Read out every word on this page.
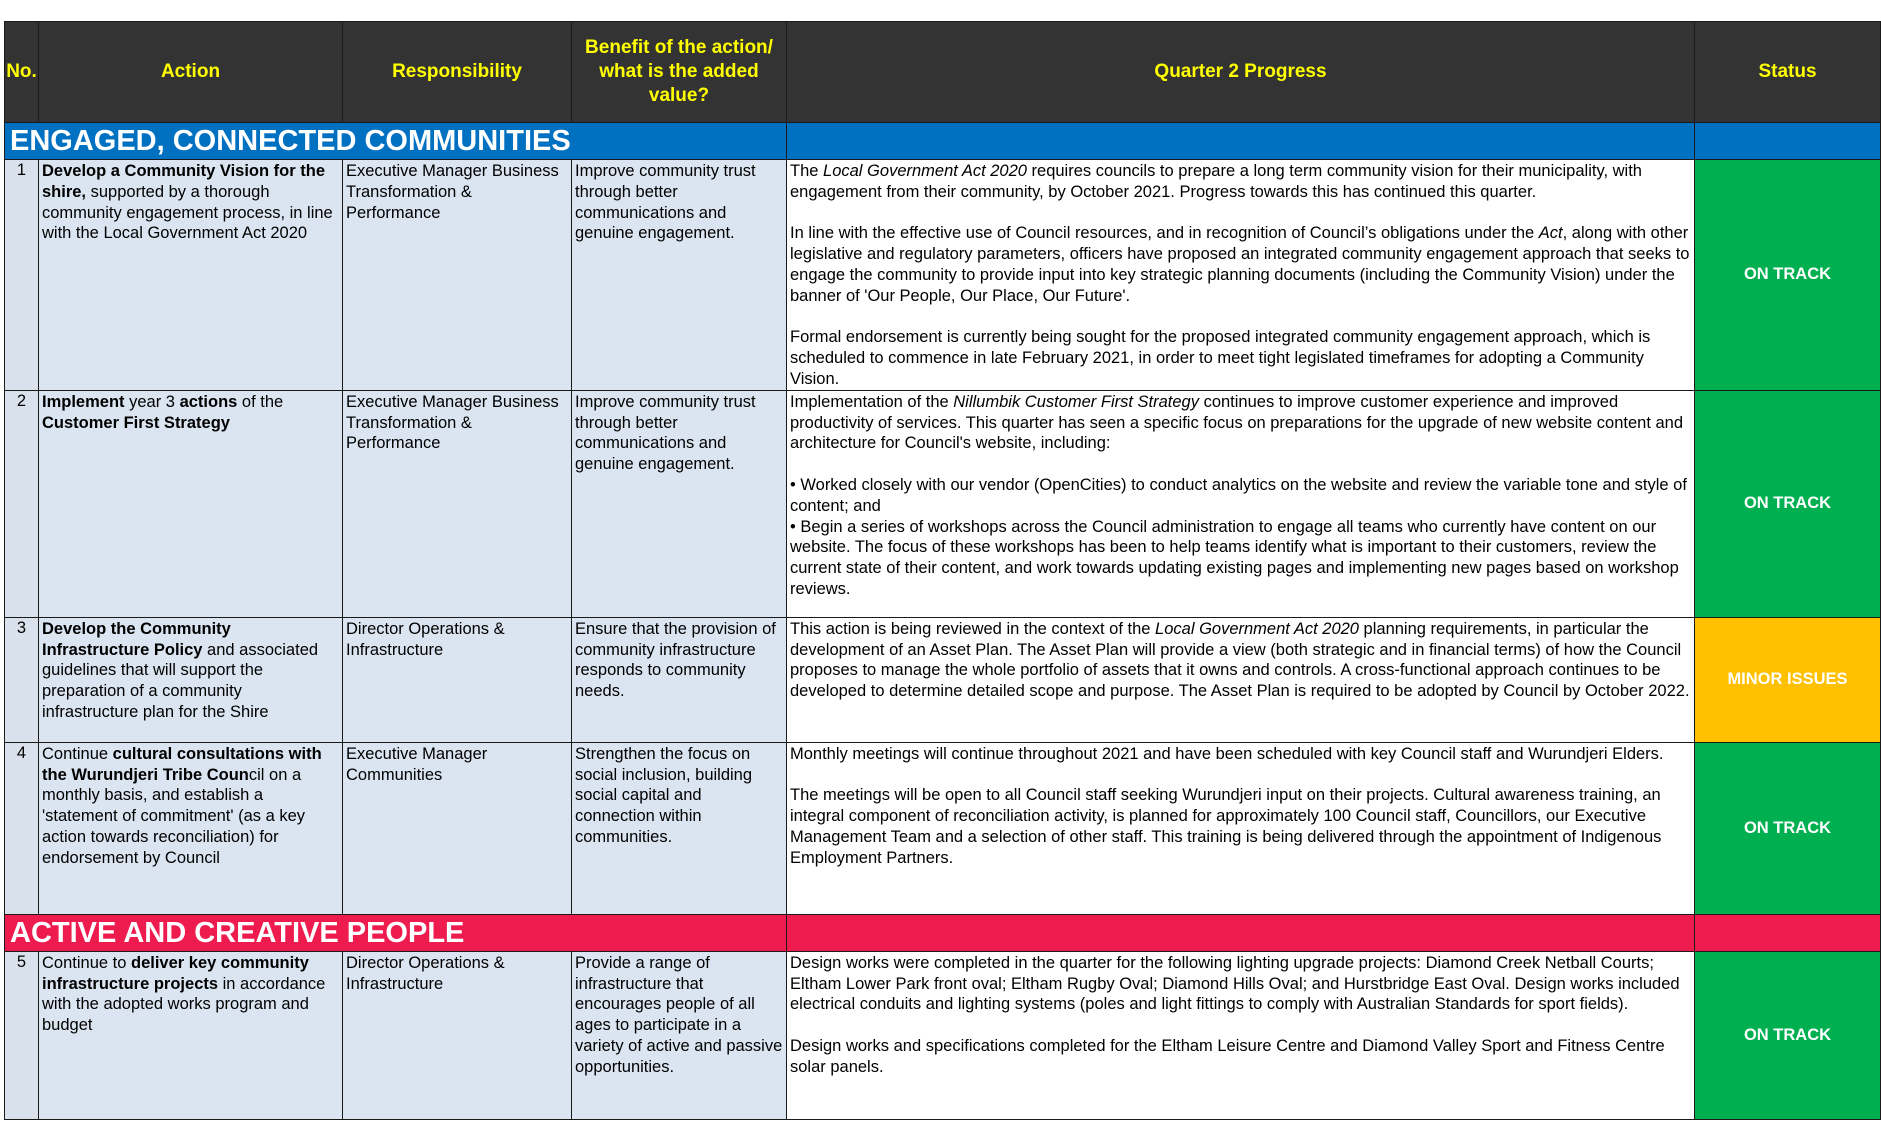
No.	Action	Responsibility	Benefit of the action/ what is the added value?	Quarter 2 Progress	Status

ENGAGED, CONNECTED COMMUNITIES					

1	Develop a Community Vision for the shire, supported by a thorough community engagement process, in line with the Local Government Act 2020	Executive Manager Business Transformation & Performance	Improve community trust through better communications and genuine engagement.	The Local Government Act 2020 requires councils to prepare a long term community vision for their municipality, with engagement from their community, by October 2021. Progress towards this has continued this quarter.

In line with the effective use of Council resources, and in recognition of Council’s obligations under the Act, along with other legislative and regulatory parameters, officers have proposed an integrated community engagement approach that seeks to engage the community to provide input into key strategic planning documents (including the Community Vision) under the banner of 'Our People, Our Place, Our Future'.

Formal endorsement is currently being sought for the proposed integrated community engagement approach, which is scheduled to commence in late February 2021, in order to meet tight legislated timeframes for adopting a Community Vision.	ON TRACK
2	Implement year 3 actions of the Customer First Strategy	Executive Manager Business Transformation & Performance	Improve community trust through better communications and genuine engagement.	Implementation of the Nillumbik Customer First Strategy continues to improve customer experience and improved productivity of services. This quarter has seen a specific focus on preparations for the upgrade of new website content and architecture for Council's website, including:

• Worked closely with our vendor (OpenCities) to conduct analytics on the website and review the variable tone and style of content; and

• Begin a series of workshops across the Council administration to engage all teams who currently have content on our website. The focus of these workshops has been to help teams identify what is important to their customers, review the current state of their content, and work towards updating existing pages and implementing new pages based on workshop reviews.	ON TRACK
3	Develop the Community Infrastructure Policy and associated guidelines that will support the preparation of a community infrastructure plan for the Shire	Director Operations & Infrastructure	Ensure that the provision of community infrastructure responds to community needs.	This action is being reviewed in the context of the Local Government Act 2020 planning requirements, in particular the development of an Asset Plan. The Asset Plan will provide a view (both strategic and in financial terms) of how the Council proposes to manage the whole portfolio of assets that it owns and controls. A cross-functional approach continues to be developed to determine detailed scope and purpose. The Asset Plan is required to be adopted by Council by October 2022.	MINOR ISSUES
4	Continue cultural consultations with the Wurundjeri Tribe Council on a monthly basis, and establish a 'statement of commitment' (as a key action towards reconciliation) for endorsement by Council	Executive Manager Communities	Strengthen the focus on social inclusion, building social capital and connection within communities.	Monthly meetings will continue throughout 2021 and have been scheduled with key Council staff and Wurundjeri Elders.

The meetings will be open to all Council staff seeking Wurundjeri input on their projects. Cultural awareness training, an integral component of reconciliation activity, is planned for approximately 100 Council staff, Councillors, our Executive Management Team and a selection of other staff. This training is being delivered through the appointment of Indigenous Employment Partners.	ON TRACK

ACTIVE AND CREATIVE PEOPLE					

5	Continue to deliver key community infrastructure projects in accordance with the adopted works program and budget	Director Operations & Infrastructure	Provide a range of infrastructure that encourages people of all ages to participate in a variety of active and passive opportunities.	Design works were completed in the quarter for the following lighting upgrade projects: Diamond Creek Netball Courts; Eltham Lower Park front oval; Eltham Rugby Oval; Diamond Hills Oval; and Hurstbridge East Oval. Design works included electrical conduits and lighting systems (poles and light fittings to comply with Australian Standards for sport fields).

Design works and specifications completed for the Eltham Leisure Centre and Diamond Valley Sport and Fitness Centre solar panels.	ON TRACK
